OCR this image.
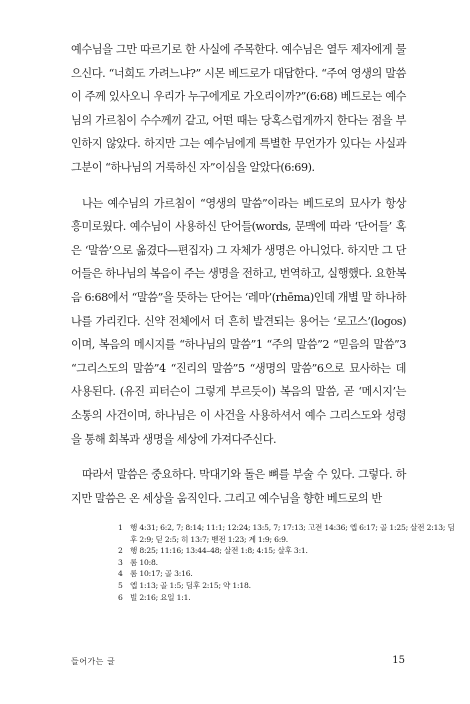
예수님을 그만 따르기로 한 사실에 주목한다. 예수님은 열두 제자에게 물으신다. “너희도 가려느냐?” 시몬 베드로가 대답한다. “주여 영생의 말씀이 주께 있사오니 우리가 누구에게로 가오리이까?”(6:68) 베드로는 예수님의 가르침이 수수께끼 같고, 어떤 때는 당혹스럽게까지 한다는 점을 부인하지 않았다. 하지만 그는 예수님에게 특별한 무언가가 있다는 사실과 그분이 “하나님의 거룩하신 자”이심을 알았다(6:69).

나는 예수님의 가르침이 “영생의 말씀”이라는 베드로의 묘사가 항상 흥미로웠다. 예수님이 사용하신 단어들(words, 문맥에 따라 ‘단어들’ 혹은 ‘말씀’으로 옮겼다—편집자) 그 자체가 생명은 아니었다. 하지만 그 단어들은 하나님의 복음이 주는 생명을 전하고, 번역하고, 실행했다. 요한복음 6:68에서 “말씀”을 뜻하는 단어는 ‘레마’(rhēma)인데 개별 말 하나하나를 가리킨다. 신약 전체에서 더 흔히 발견되는 용어는 ‘로고스’(logos)이며, 복음의 메시지를 “하나님의 말씀”1 “주의 말씀”2 “믿음의 말씀”3 “그리스도의 말씀”4 “진리의 말씀”5 “생명의 말씀”6으로 묘사하는 데 사용된다. (유진 피터슨이 그렇게 부르듯이) 복음의 말씀, 곧 ‘메시지’는 소통의 사건이며, 하나님은 이 사건을 사용하셔서 예수 그리스도와 성령을 통해 회복과 생명을 세상에 가져다주신다.

따라서 말씀은 중요하다. 막대기와 돌은 뼈를 부술 수 있다. 그렇다. 하지만 말씀은 온 세상을 움직인다. 그리고 예수님을 향한 베드로의 반

1 행 4:31; 6:2, 7; 8:14; 11:1; 12:24; 13:5, 7; 17:13; 고전 14:36; 엡 6:17; 골 1:25; 살전 2:13; 딤
후 2:9; 딛 2:5; 히 13:7; 벧전 1:23; 계 1:9; 6:9.
2 행 8:25; 11:16; 13:44–48; 살전 1:8; 4:15; 살후 3:1.
3 롬 10:8.
4 롬 10:17; 골 3:16.
5 엡 1:13; 골 1:5; 딤후 2:15; 약 1:18.
6 빌 2:16; 요일 1:1.
들어가는 글	15
